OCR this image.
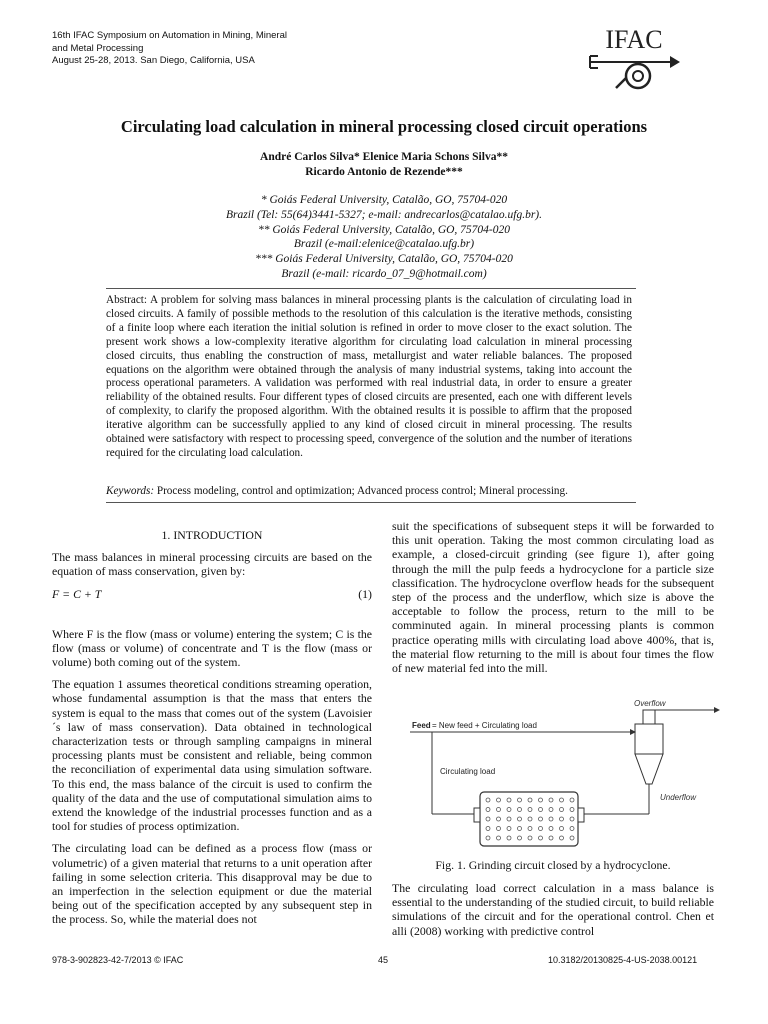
16th IFAC Symposium on Automation in Mining, Mineral
and Metal Processing
August 25-28, 2013. San Diego, California, USA
IFAC
Circulating load calculation in mineral processing closed circuit operations
André Carlos Silva* Elenice Maria Schons Silva**
Ricardo Antonio de Rezende***
* Goiás Federal University, Catalão, GO, 75704-020
Brazil (Tel: 55(64)3441-5327; e-mail: andrecarlos@catalao.ufg.br).
** Goiás Federal University, Catalão, GO, 75704-020
Brazil (e-mail:elenice@catalao.ufg.br)
*** Goiás Federal University, Catalão, GO, 75704-020
Brazil (e-mail: ricardo_07_9@hotmail.com)
Abstract: A problem for solving mass balances in mineral processing plants is the calculation of circulating load in closed circuits. A family of possible methods to the resolution of this calculation is the iterative methods, consisting of a finite loop where each iteration the initial solution is refined in order to move closer to the exact solution. The present work shows a low-complexity iterative algorithm for circulating load calculation in mineral processing closed circuits, thus enabling the construction of mass, metallurgist and water reliable balances. The proposed equations on the algorithm were obtained through the analysis of many industrial systems, taking into account the process operational parameters. A validation was performed with real industrial data, in order to ensure a greater reliability of the obtained results. Four different types of closed circuits are presented, each one with different levels of complexity, to clarify the proposed algorithm. With the obtained results it is possible to affirm that the proposed iterative algorithm can be successfully applied to any kind of closed circuit in mineral processing. The results obtained were satisfactory with respect to processing speed, convergence of the solution and the number of iterations required for the circulating load calculation.
Keywords: Process modeling, control and optimization; Advanced process control; Mineral processing.
1. INTRODUCTION

The mass balances in mineral processing circuits are based on the equation of mass conservation, given by:

F = C + T	(1)

Where F is the flow (mass or volume) entering the system; C is the flow (mass or volume) of concentrate and T is the flow (mass or volume) both coming out of the system.

The equation 1 assumes theoretical conditions streaming operation, whose fundamental assumption is that the mass that enters the system is equal to the mass that comes out of the system (Lavoisier´s law of mass conservation). Data obtained in technological characterization tests or through sampling campaigns in mineral processing plants must be consistent and reliable, being common the reconciliation of experimental data using simulation software. To this end, the mass balance of the circuit is used to confirm the quality of the data and the use of computational simulation aims to extend the knowledge of the industrial processes function and as a tool for studies of process optimization.

The circulating load can be defined as a process flow (mass or volumetric) of a given material that returns to a unit operation after failing in some selection criteria. This disapproval may be due to an imperfection in the selection equipment or due the material being out of the specification accepted by any subsequent step in the process. So, while the material does not

suit the specifications of subsequent steps it will be forwarded to this unit operation. Taking the most common circulating load as example, a closed-circuit grinding (see figure 1), after going through the mill the pulp feeds a hydrocyclone for a particle size classification. The hydrocyclone overflow heads for the subsequent step of the process and the underflow, which size is above the acceptable to follow the process, return to the mill to be comminuted again. In mineral processing plants is common practice operating mills with circulating load above 400%, that is, the material flow returning to the mill is about four times the flow of new material fed into the mill.

Overflow
Feed = New feed + Circulating load
Circulating load
Underflow
Fig. 1. Grinding circuit closed by a hydrocyclone.

The circulating load correct calculation in a mass balance is essential to the understanding of the studied circuit, to build reliable simulations of the circuit and for the operational control. Chen et alli (2008) working with predictive control

978-3-902823-42-7/2013 © IFAC	45	10.3182/20130825-4-US-2038.00121
